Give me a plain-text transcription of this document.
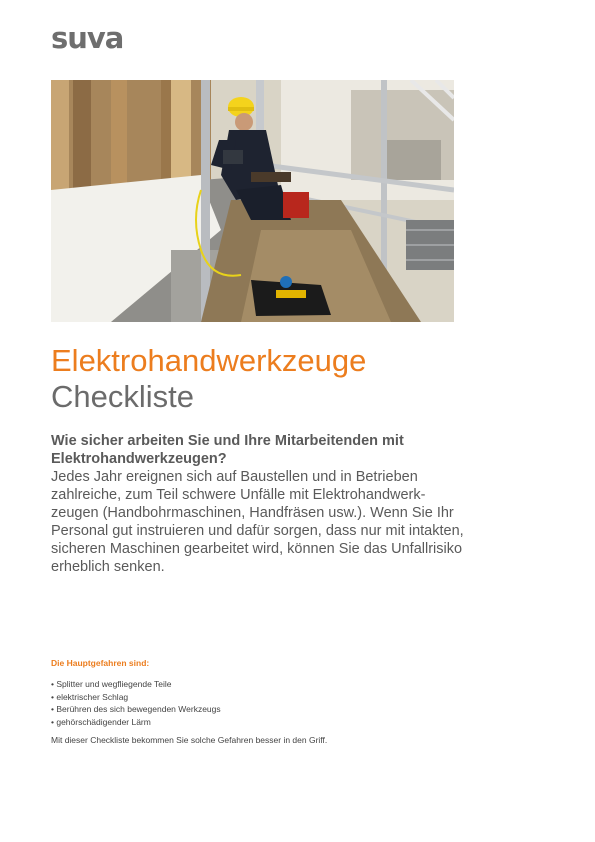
suva
Elektrohandwerkzeuge
Checkliste

Wie sicher arbeiten Sie und Ihre Mitarbeitenden mit Elektrohandwerkzeugen?

Jedes Jahr ereignen sich auf Baustellen und in Betrieben zahlreiche, zum Teil schwere Unfälle mit Elektrohandwerk-zeugen (Handbohrmaschinen, Handfräsen usw.). Wenn Sie Ihr Personal gut instruieren und dafür sorgen, dass nur mit intakten, sicheren Maschinen gearbeitet wird, können Sie das Unfallrisiko erheblich senken.

Die Hauptgefahren sind:

• Splitter und wegfliegende Teile
• elektrischer Schlag
• Berühren des sich bewegenden Werkzeugs
• gehörschädigender Lärm

Mit dieser Checkliste bekommen Sie solche Gefahren besser in den Griff.
